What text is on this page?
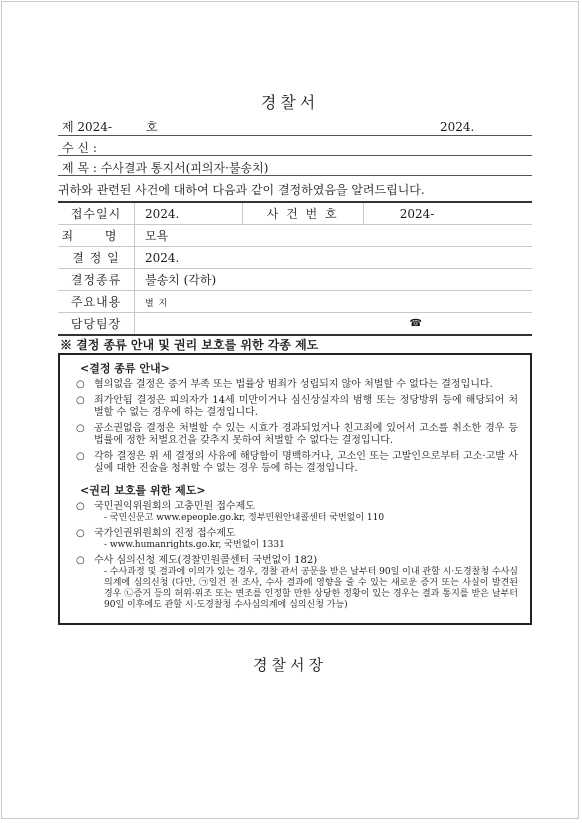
경찰서
제 2024-	호	2024.
수 신 :
제 목 : 수사결과 통지서(피의자·불송치)
귀하와 관련된 사건에 대하여 다음과 같이 결정하였음을 알려드립니다.
접수일시	2024.	사 건 번 호	2024-
죄 명	모욕		
결 정 일	2024.		
결정종류	불송치 (각하)		
주요내용	별 지		
담당팀장	☎		
※ 결정 종류 안내 및 권리 보호를 위한 각종 제도
<결정 종류 안내>
○ 혐의없음 결정은 증거 부족 또는 법률상 범죄가 성립되지 않아 처벌할 수 없다는 결정입니다.
○ 죄가안됨 결정은 피의자가 14세 미만이거나 심신상실자의 범행 또는 정당방위 등에 해당되어 처벌할 수 없는 경우에 하는 결정입니다.
○ 공소권없음 결정은 처벌할 수 있는 시효가 경과되었거나 친고죄에 있어서 고소를 취소한 경우 등 법률에 정한 처벌요건을 갖추지 못하여 처벌할 수 없다는 결정입니다.
○ 각하 결정은 위 세 결정의 사유에 해당함이 명백하거나, 고소인 또는 고발인으로부터 고소·고발 사실에 대한 진술을 청취할 수 없는 경우 등에 하는 결정입니다.
<권리 보호를 위한 제도>
○ 국민권익위원회의 고충민원 접수제도
- 국민신문고 www.epeople.go.kr, 정부민원안내콜센터 국번없이 110
○ 국가인권위원회의 진정 접수제도
- www.humanrights.go.kr, 국번없이 1331
○ 수사 심의신청 제도(경찰민원콜센터 국번없이 182)
- 수사과정 및 결과에 이의가 있는 경우, 경찰 관서 공문을 받은 날부터 90일 이내 관할 시·도경찰청 수사심의계에 심의신청 (다만, ㉠일건 전 조사, 수사 결과에 영향을 줄 수 있는 새로운 증거 또는 사실이 발견된 경우 ㉡증거 등의 허위·위조 또는 변조를 인정할 만한 상당한 정황이 있는 경우는 결과 통지를 받은 날부터 90일 이후에도 관할 시·도경찰청 수사심의계에 심의신청 가능)
경찰서장
